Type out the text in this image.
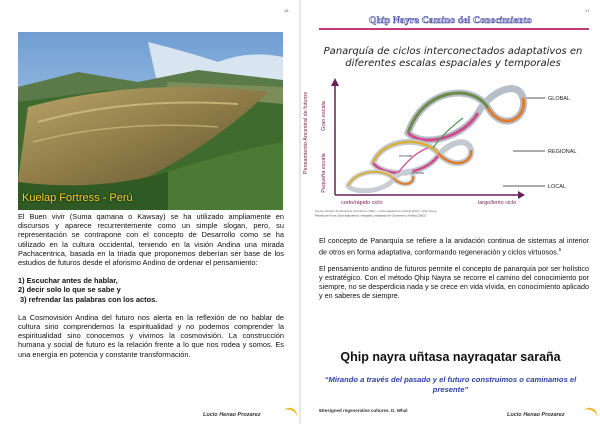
16
Kuelap Fortress - Perú

El Buen vivir (Suma qamana o Kawsay) se ha utilizado ampliamente en discursos y aparece recurrentemente como un simple slogan, pero, su representación se contrapone con el concepto de Desarrollo como se ha utilizado en la cultura occidental, teniendo en la visión Andina una mirada Pachacentrica, basada en la triada que proponemos deberían ser base de los estudios de futuros desde el aforismo Andino de ordenar el pensamiento:

1) Escuchar antes de hablar,

2) decir solo lo que se sabe y

3) refrendar las palabras con los actos.

La Cosmovisión Andina del futuro nos alerta en la reflexión de no hablar de cultura sino comprendemos la espiritualidad y no podemos comprender la espiritualidad sino conocemos y vivimos la cosmovisión. La construcción humana y social de futuro es la relación frente a lo que nos rodea y somos. Es una energía en potencia y constante transformación.

Lucio Henao Prozarez
Pensamiento Ancestral de futuros
17
Qhip Nayra Camino del Conocimiento
Panarquía de ciclos interconectados adaptativos en diferentes escalas espaciales y temporales
Gran escala
Pequeña escala
corto/rápido ciclo	largo/lento ciclo
GLOBAL
REGIONAL
LOCAL
recordar
revuelta
Fuente: Modelo de Panarquía (Gunderson 2001) + ciclos adaptativos (Holling 2001) + Qhip Nayra
Panarquía en los ciclos adaptativos, integrado y adaptado de Gunderson y Holling (2002)

El concepto de Panarquía se refiere a la anidación continua de sistemas al interior de otros en forma adaptativa, conformando regeneración y ciclos virtuosos.$^5$

El pensamiento andino de futuros permite el concepto de panarquía por ser holístico y estratégico. Con el método Qhip Nayra se recorre el camino del conocimiento por siempre, no se desperdicia nada y se crece en vida vívida, en conocimiento aplicado y en saberes de siempre.

Qhip nayra uñtasa nayraqatar saraña
“Mirando a través del pasado y el futuro construimos o caminamos el presente”
5Designed regenerative cultures. D. Whal
Lucio Henao Prozarez
